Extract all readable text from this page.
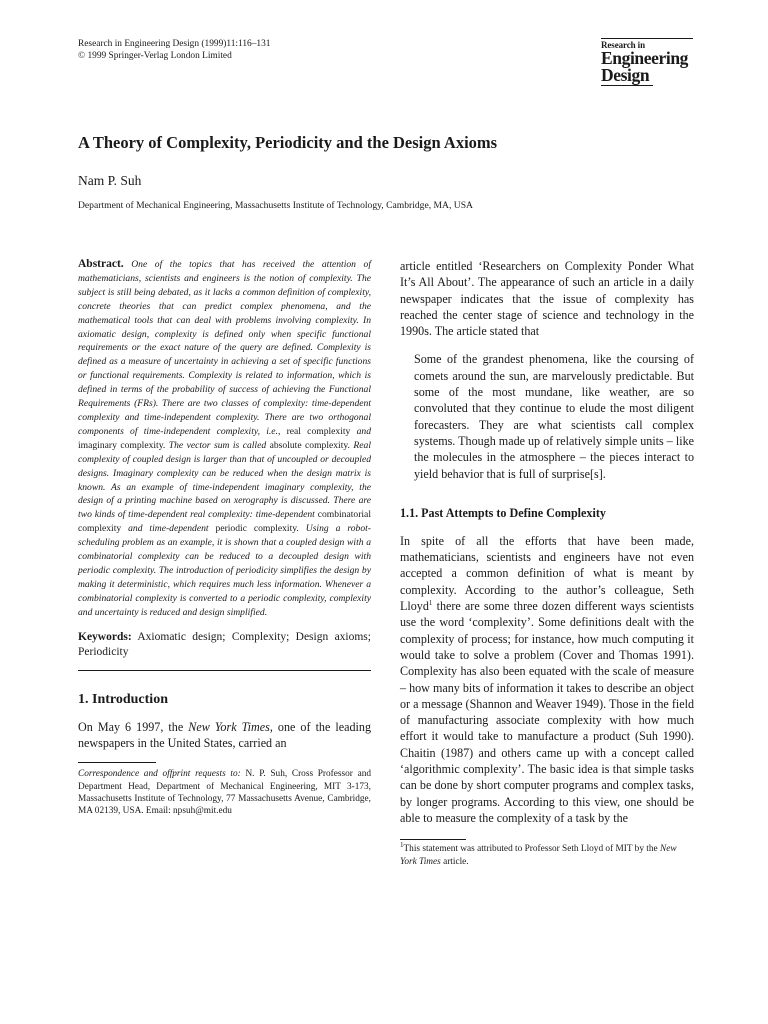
Research in Engineering Design (1999)11:116–131
© 1999 Springer-Verlag London Limited
Research in
Engineering
Design
A Theory of Complexity, Periodicity and the Design Axioms
Nam P. Suh
Department of Mechanical Engineering, Massachusetts Institute of Technology, Cambridge, MA, USA
Abstract. One of the topics that has received the attention of mathematicians, scientists and engineers is the notion of complexity. The subject is still being debated, as it lacks a common definition of complexity, concrete theories that can predict complex phenomena, and the mathematical tools that can deal with problems involving complexity. In axiomatic design, complexity is defined only when specific functional requirements or the exact nature of the query are defined. Complexity is defined as a measure of uncertainty in achieving a set of specific functions or functional requirements. Complexity is related to information, which is defined in terms of the probability of success of achieving the Functional Requirements (FRs). There are two classes of complexity: time-dependent complexity and time-independent complexity. There are two orthogonal components of time-independent complexity, i.e., real complexity and imaginary complexity. The vector sum is called absolute complexity. Real complexity of coupled design is larger than that of uncoupled or decoupled designs. Imaginary complexity can be reduced when the design matrix is known. As an example of time-independent imaginary complexity, the design of a printing machine based on xerography is discussed. There are two kinds of time-dependent real complexity: time-dependent combinatorial complexity and time-dependent periodic complexity. Using a robot-scheduling problem as an example, it is shown that a coupled design with a combinatorial complexity can be reduced to a decoupled design with periodic complexity. The introduction of periodicity simplifies the design by making it deterministic, which requires much less information. Whenever a combinatorial complexity is converted to a periodic complexity, complexity and uncertainty is reduced and design simplified.
Keywords: Axiomatic design; Complexity; Design axioms; Periodicity
1. Introduction
On May 6 1997, the New York Times, one of the leading newspapers in the United States, carried an
Correspondence and offprint requests to: N. P. Suh, Cross Professor and Department Head, Department of Mechanical Engineering, MIT 3-173, Massachusetts Institute of Technology, 77 Massachusetts Avenue, Cambridge, MA 02139, USA. Email: npsuh@mit.edu
article entitled ‘Researchers on Complexity Ponder What It’s All About’. The appearance of such an article in a daily newspaper indicates that the issue of complexity has reached the center stage of science and technology in the 1990s. The article stated that
Some of the grandest phenomena, like the coursing of comets around the sun, are marvelously predictable. But some of the most mundane, like weather, are so convoluted that they continue to elude the most diligent forecasters. They are what scientists call complex systems. Though made up of relatively simple units – like the molecules in the atmosphere – the pieces interact to yield behavior that is full of surprise[s].
1.1. Past Attempts to Define Complexity
In spite of all the efforts that have been made, mathematicians, scientists and engineers have not even accepted a common definition of what is meant by complexity. According to the author’s colleague, Seth Lloyd$^1$ there are some three dozen different ways scientists use the word ‘complexity’. Some definitions dealt with the complexity of process; for instance, how much computing it would take to solve a problem (Cover and Thomas 1991). Complexity has also been equated with the scale of measure – how many bits of information it takes to describe an object or a message (Shannon and Weaver 1949). Those in the field of manufacturing associate complexity with how much effort it would take to manufacture a product (Suh 1990). Chaitin (1987) and others came up with a concept called ‘algorithmic complexity’. The basic idea is that simple tasks can be done by short computer programs and complex tasks, by longer programs. According to this view, one should be able to measure the complexity of a task by the
$^1$This statement was attributed to Professor Seth Lloyd of MIT by the New York Times article.
